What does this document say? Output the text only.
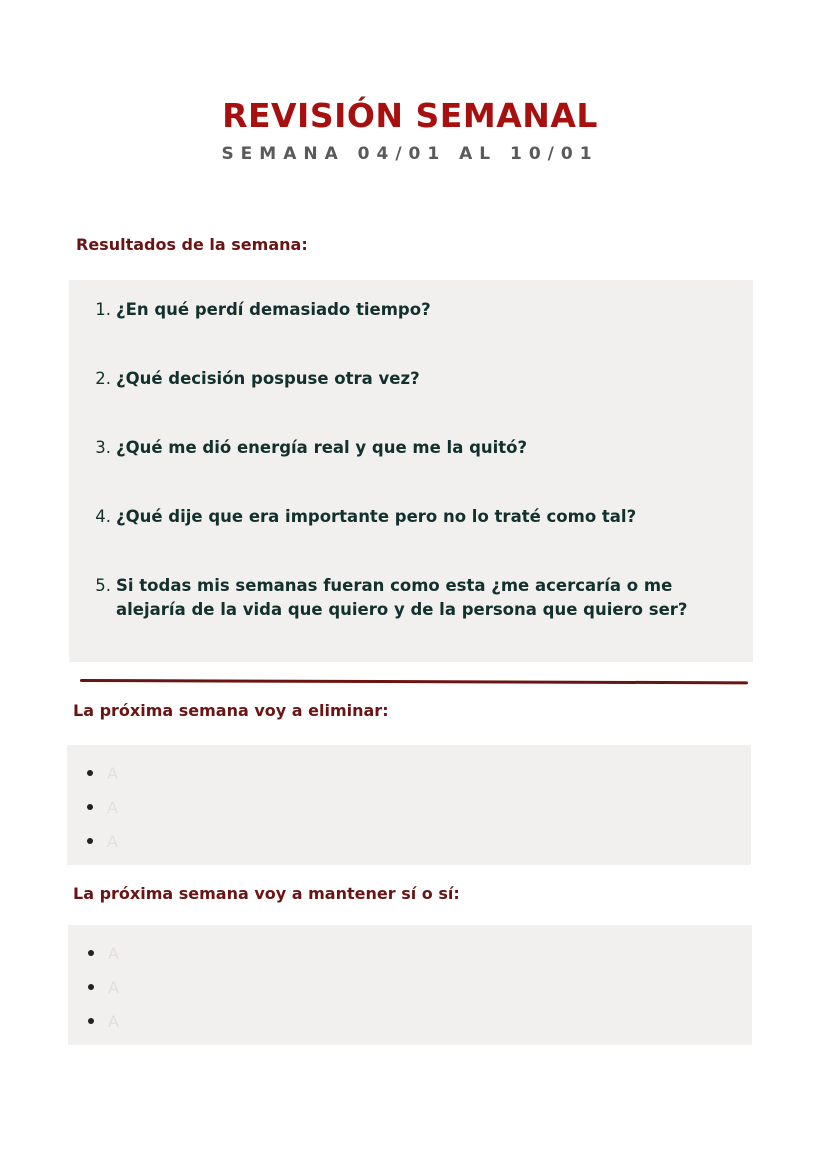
REVISIÓN SEMANAL
SEMANA 04/01 AL 10/01
Resultados de la semana:
1. ¿En qué perdí demasiado tiempo?
2. ¿Qué decisión pospuse otra vez?
3. ¿Qué me dió energía real y que me la quitó?
4. ¿Qué dije que era importante pero no lo traté como tal?
5. Si todas mis semanas fueran como esta ¿me acercaría o me alejaría de la vida que quiero y de la persona que quiero ser?
La próxima semana voy a eliminar:
A
A
A
La próxima semana voy a mantener sí o sí:
A
A
A
